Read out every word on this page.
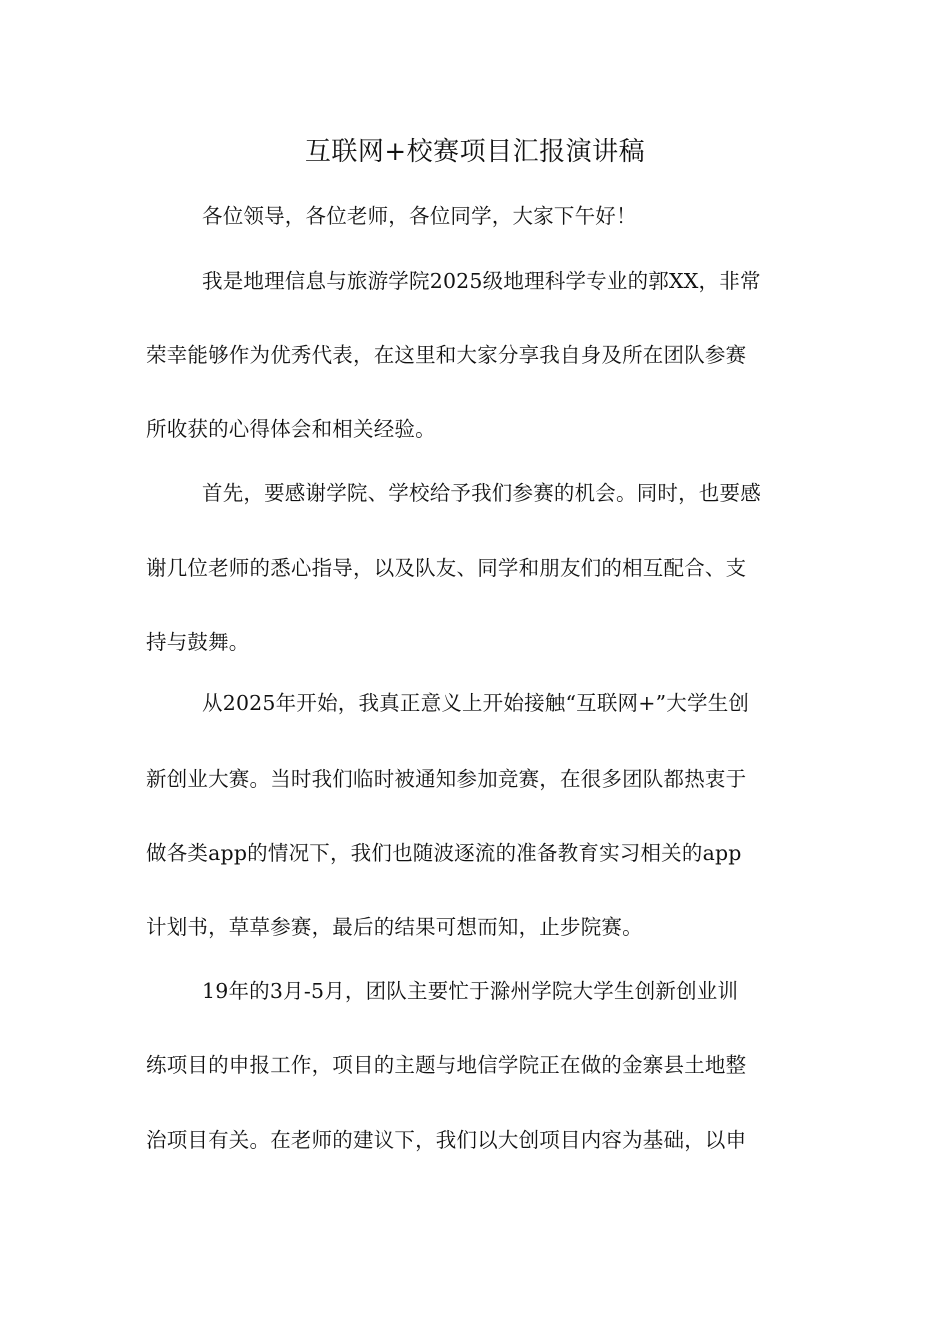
互联网+校赛项目汇报演讲稿
各位领导，各位老师，各位同学，大家下午好！
我是地理信息与旅游学院2025级地理科学专业的郭XX，非常
荣幸能够作为优秀代表，在这里和大家分享我自身及所在团队参赛
所收获的心得体会和相关经验。
首先，要感谢学院、学校给予我们参赛的机会。同时，也要感
谢几位老师的悉心指导，以及队友、同学和朋友们的相互配合、支
持与鼓舞。
从2025年开始，我真正意义上开始接触“互联网+”大学生创
新创业大赛。当时我们临时被通知参加竞赛，在很多团队都热衷于
做各类app的情况下，我们也随波逐流的准备教育实习相关的app
计划书，草草参赛，最后的结果可想而知，止步院赛。
19年的3月-5月，团队主要忙于滁州学院大学生创新创业训
练项目的申报工作，项目的主题与地信学院正在做的金寨县土地整
治项目有关。在老师的建议下，我们以大创项目内容为基础，以申
